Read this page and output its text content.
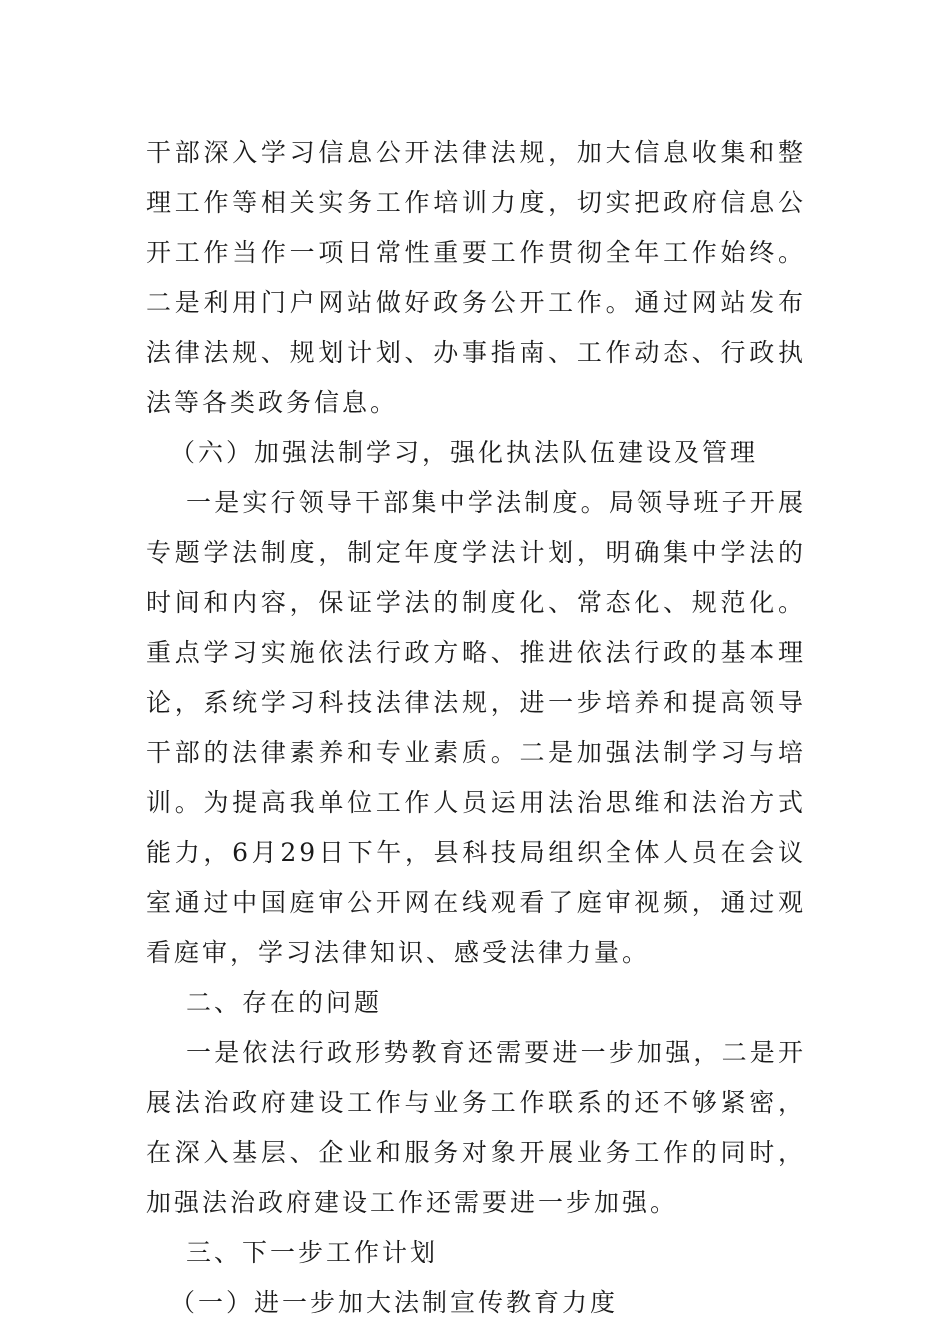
干部深入学习信息公开法律法规，加大信息收集和整理工作等相关实务工作培训力度，切实把政府信息公开工作当作一项日常性重要工作贯彻全年工作始终。二是利用门户网站做好政务公开工作。通过网站发布法律法规、规划计划、办事指南、工作动态、行政执法等各类政务信息。

（六）加强法制学习，强化执法队伍建设及管理

一是实行领导干部集中学法制度。局领导班子开展专题学法制度，制定年度学法计划，明确集中学法的时间和内容，保证学法的制度化、常态化、规范化。重点学习实施依法行政方略、推进依法行政的基本理论，系统学习科技法律法规，进一步培养和提高领导干部的法律素养和专业素质。二是加强法制学习与培训。为提高我单位工作人员运用法治思维和法治方式能力，6月29日下午，县科技局组织全体人员在会议室通过中国庭审公开网在线观看了庭审视频，通过观看庭审，学习法律知识、感受法律力量。

二、存在的问题

一是依法行政形势教育还需要进一步加强，二是开展法治政府建设工作与业务工作联系的还不够紧密，在深入基层、企业和服务对象开展业务工作的同时，加强法治政府建设工作还需要进一步加强。

三、下一步工作计划

（一）进一步加大法制宣传教育力度
